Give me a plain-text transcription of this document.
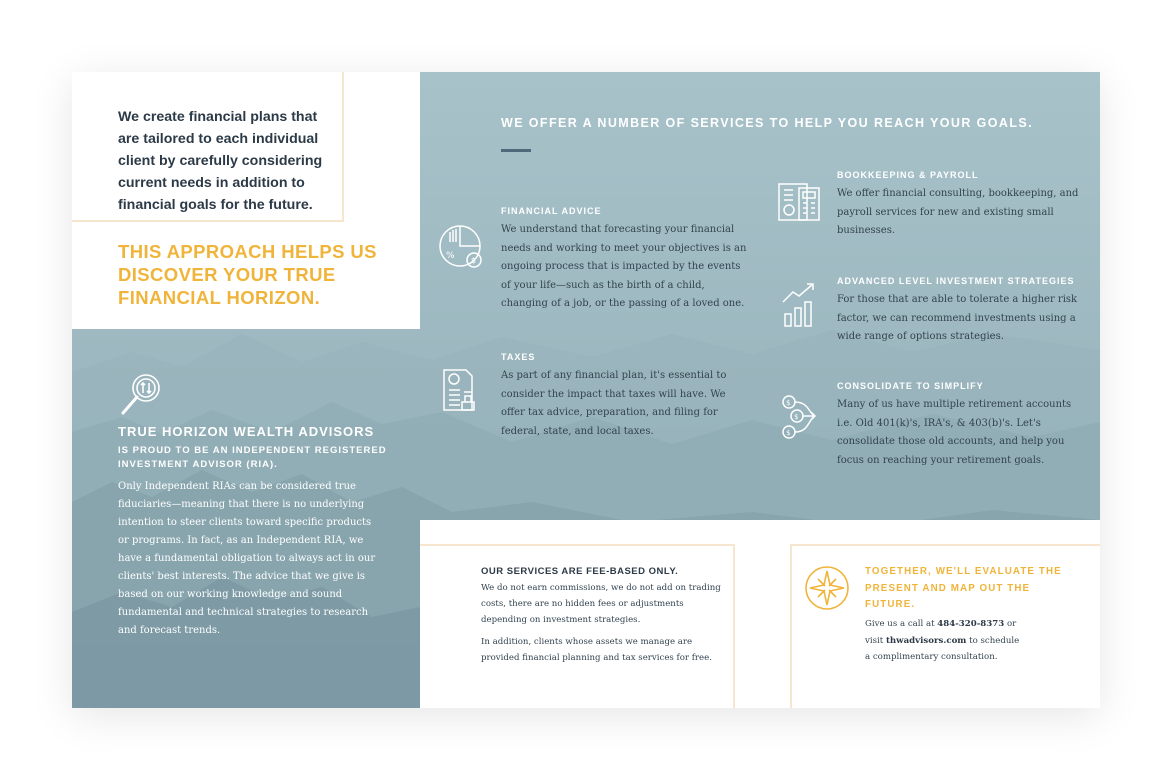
We create financial plans that are tailored to each individual client by carefully considering current needs in addition to financial goals for the future.

THIS APPROACH HELPS US DISCOVER YOUR TRUE FINANCIAL HORIZON.

TRUE HORIZON WEALTH ADVISORS
IS PROUD TO BE AN INDEPENDENT REGISTERED INVESTMENT ADVISOR (RIA).

Only Independent RIAs can be considered true fiduciaries—meaning that there is no underlying intention to steer clients toward specific products or programs. In fact, as an Independent RIA, we have a fundamental obligation to always act in our clients' best interests. The advice that we give is based on our working knowledge and sound fundamental and technical strategies to research and forecast trends.

WE OFFER A NUMBER OF SERVICES TO HELP YOU REACH YOUR GOALS.
% $
FINANCIAL ADVICE

We understand that forecasting your financial needs and working to meet your objectives is an ongoing process that is impacted by the events of your life—such as the birth of a child, changing of a job, or the passing of a loved one.

TAXES

As part of any financial plan, it's essential to consider the impact that taxes will have. We offer tax advice, preparation, and filing for federal, state, and local taxes.

BOOKKEEPING & PAYROLL

We offer financial consulting, bookkeeping, and payroll services for new and existing small businesses.

ADVANCED LEVEL INVESTMENT STRATEGIES

For those that are able to tolerate a higher risk factor, we can recommend investments using a wide range of options strategies.

$
$
$
CONSOLIDATE TO SIMPLIFY

Many of us have multiple retirement accounts i.e. Old 401(k)'s, IRA's, & 403(b)'s. Let's consolidate those old accounts, and help you focus on reaching your retirement goals.

OUR SERVICES ARE FEE-BASED ONLY.

We do not earn commissions, we do not add on trading costs, there are no hidden fees or adjustments depending on investment strategies.

In addition, clients whose assets we manage are provided financial planning and tax services for free.

TOGETHER, WE'LL EVALUATE THE PRESENT AND MAP OUT THE FUTURE.
Give us a call at 484-320-8373 or
visit thwadvisors.com to schedule
a complimentary consultation.
